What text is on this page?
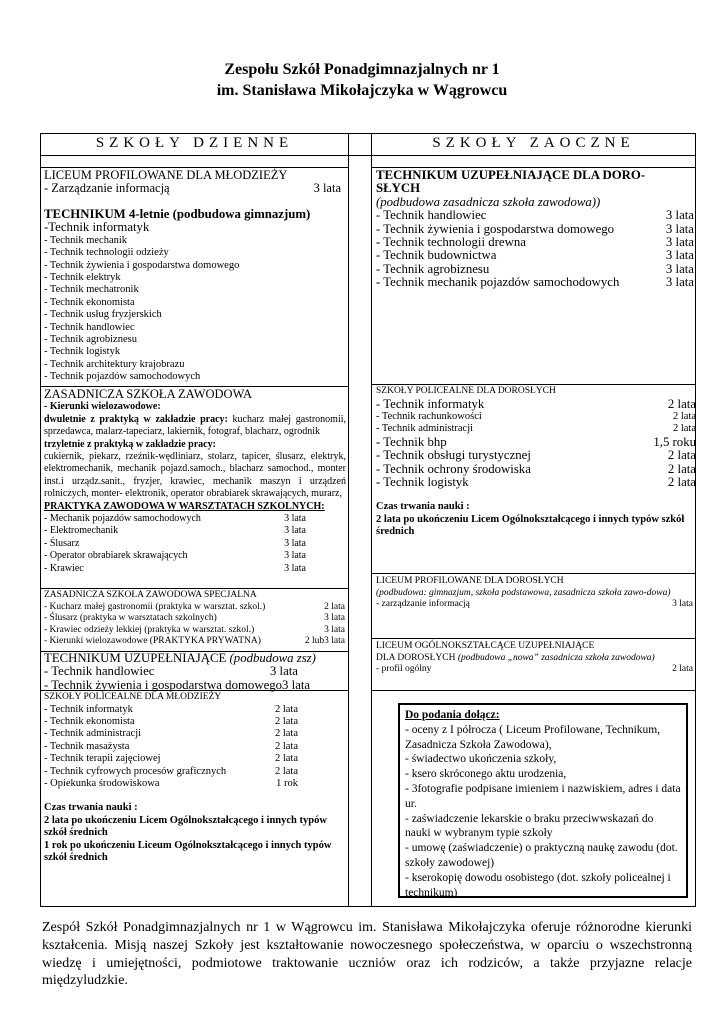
Zespołu Szkół Ponadgimnazjalnych nr 1
im. Stanisława Mikołajczyka w Wągrowcu
SZKOŁY DZIENNE	SZKOŁY ZAOCZNE
LICEUM PROFILOWANE DLA MŁODZIEŻY
- Zarządzanie informacją	3 lata
TECHNIKUM 4-letnie (podbudowa gimnazjum)
-Technik informatyk
- Technik mechanik
- Technik technologii odzieży
- Technik żywienia i gospodarstwa domowego
- Technik elektryk
- Technik mechatronik
- Technik ekonomista
- Technik usług fryzjerskich
- Technik handlowiec
- Technik agrobiznesu
- Technik logistyk
- Technik architektury krajobrazu
- Technik pojazdów samochodowych
ZASADNICZA SZKOŁA ZAWODOWA
- Kierunki wielozawodowe:
dwuletnie z praktyką w zakładzie pracy: kucharz małej gastronomii, sprzedawca, malarz-tapeciarz, lakiernik, fotograf, blacharz, ogrodnik
trzyletnie z praktyką w zakładzie pracy:
cukiernik, piekarz, rzeźnik-wędliniarz, stolarz, tapicer, ślusarz, elektryk, elektromechanik, mechanik pojazd.samoch., blacharz samochod., monter inst.i urządz.sanit., fryzjer, krawiec, mechanik maszyn i urządzeń rolniczych, monter- elektronik, operator obrabiarek skrawających, murarz,
PRAKTYKA ZAWODOWA W WARSZTATACH SZKOLNYCH:
- Mechanik pojazdów samochodowych	3 lata
- Elektromechanik	3 lata
- Ślusarz	3 lata
- Operator obrabiarek skrawających	3 lata
- Krawiec	3 lata
ZASADNICZA SZKOŁA ZAWODOWA SPECJALNA
- Kucharz małej gastronomii (praktyka w warsztat. szkol.)	2 lata
- Ślusarz (praktyka w warsztatach szkolnych)	3 lata
- Krawiec odzieży lekkiej (praktyka w warsztat. szkol.)	3 lata
- Kierunki wielozawodowe (PRAKTYKA PRYWATNA)	2 lub3 lata
TECHNIKUM UZUPEŁNIAJĄCE (podbudowa zsz)
- Technik handlowiec	3 lata
- Technik żywienia i gospodarstwa domowego 3 lata
SZKOŁY POLICEALNE DLA MŁODZIEŻY
- Technik informatyk	2 lata
- Technik ekonomista	2 lata
- Technik administracji	2 lata
- Technik masażysta	2 lata
- Technik terapii zajęciowej	2 lata
- Technik cyfrowych procesów graficznych	2 lata
- Opiekunka środowiskowa	1 rok
Czas trwania nauki :
2 lata po ukończeniu Licem Ogólnokształcącego i innych typów szkół średnich
1 rok po ukończeniu Liceum Ogólnokształcącego i innych typów szkół średnich
TECHNIKUM UZUPEŁNIAJĄCE DLA DORO-SŁYCH
(podbudowa zasadnicza szkoła zawodowa))
- Technik handlowiec	3 lata
- Technik żywienia i gospodarstwa domowego	3 lata
- Technik technologii drewna	3 lata
- Technik budownictwa	3 lata
- Technik agrobiznesu	3 lata
- Technik mechanik pojazdów samochodowych	3 lata
SZKOŁY POLICEALNE DLA DOROSŁYCH
- Technik informatyk	2 lata
- Technik rachunkowości	2 lata
- Technik administracji	2 lata
- Technik bhp	1,5 roku
- Technik obsługi turystycznej	2 lata
- Technik ochrony środowiska	2 lata
- Technik logistyk	2 lata
Czas trwania nauki :
2 lata po ukończeniu Licem Ogólnokształcącego i innych typów szkół średnich
LICEUM PROFILOWANE DLA DOROSŁYCH
(podbudowa: gimnazjum, szkoła podstawowa, zasadnicza szkoła zawo-dowa)
- zarządzanie informacją	3 lata
LICEUM OGÓLNOKSZTAŁCĄCE UZUPEŁNIAJĄCE
DLA DOROSŁYCH (podbudowa „nowa” zasadnicza szkoła zawodowa)
- profil ogólny	2 lata
Do podania dołącz:
- oceny z I półrocza ( Liceum Profilowane, Technikum, Zasadnicza Szkoła Zawodowa),
- świadectwo ukończenia szkoły,
- ksero skróconego aktu urodzenia,
- 3fotografie podpisane imieniem i nazwiskiem, adres i data ur.
- zaświadczenie lekarskie o braku przeciwwskazań do nauki w wybranym typie szkoły
- umowę (zaświadczenie) o praktyczną naukę zawodu (dot. szkoły zawodowej)
- kserokopię dowodu osobistego (dot. szkoły policealnej i technikum)
Zespół Szkół Ponadgimnazjalnych nr 1 w Wągrowcu im. Stanisława Mikołajczyka oferuje różnorodne kierunki kształcenia. Misją naszej Szkoły jest kształtowanie nowoczesnego społeczeństwa, w oparciu o wszechstronną wiedzę i umiejętności, podmiotowe traktowanie uczniów oraz ich rodziców, a także przyjazne relacje międzyludzkie.
